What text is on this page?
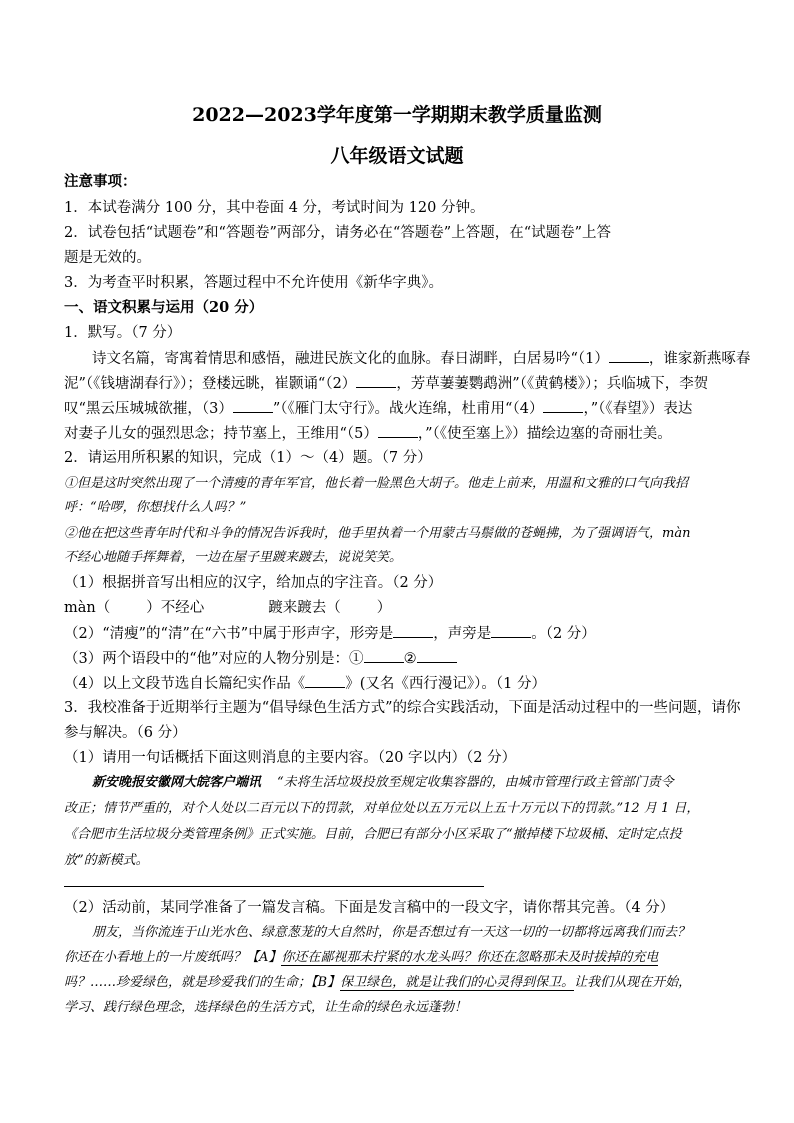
2022—2023学年度第一学期期末教学质量监测
八年级语文试题
注意事项：
1．本试卷满分 100 分，其中卷面 4 分，考试时间为 120 分钟。
2．试卷包括“试题卷”和“答题卷”两部分，请务必在“答题卷”上答题，在“试题卷”上答
题是无效的。
3．为考查平时积累，答题过程中不允许使用《新华字典》。
一、语文积累与运用（20 分）
1．默写。（7 分）
诗文名篇，寄寓着情思和感悟，融进民族文化的血脉。春日湖畔，白居易吟“（1）	，谁家新燕啄春
泥”（《钱塘湖春行》）；登楼远眺，崔颢诵“（2）	，芳草萋萋鹦鹉洲”（《黄鹤楼》）；兵临城下，李贺
叹“黑云压城城欲摧，（3）	”（《雁门太守行》。战火连绵，杜甫用“（4）	，”（《春望》）表达
对妻子儿女的强烈思念；持节塞上，王维用“（5）	，”（《使至塞上》）描绘边塞的奇丽壮美。
2．请运用所积累的知识，完成（1）～（4）题。（7 分）
①但是这时突然出现了一个清瘦的青年军官，他长着一脸黑色大胡子。他走上前来，用温和文雅的口气向我招
呼：“哈啰，你想找什么人吗？”
②他在把这些青年时代和斗争的情况告诉我时，他手里执着一个用蒙古马鬃做的苍蝇拂，为了强调语气，màn
不经心地随手挥舞着，一边在屋子里踱来踱去，说说笑笑。
（1）根据拼音写出相应的汉字，给加点的字注音。（2 分）
màn（ ）不经心	踱来踱去（ ）
（2）“清瘦”的“清”在“六书”中属于形声字，形旁是	，声旁是	。（2 分）
（3）两个语段中的“他”对应的人物分别是：①	②
（4）以上文段节选自长篇纪实作品《	》(又名《西行漫记》）。（1 分）
3．我校准备于近期举行主题为“倡导绿色生活方式”的综合实践活动，下面是活动过程中的一些问题，请你
参与解决。（6 分）
（1）请用一句话概括下面这则消息的主要内容。（20 字以内）（2 分）
新安晚报安徽网大皖客户端讯 “未将生活垃圾投放至规定收集容器的，由城市管理行政主管部门责令
改正；情节严重的，对个人处以二百元以下的罚款，对单位处以五万元以上五十万元以下的罚款。”12 月 1 日，
《合肥市生活垃圾分类管理条例》正式实施。目前，合肥已有部分小区采取了“撤掉楼下垃圾桶、定时定点投
放”的新模式。
（2）活动前，某同学准备了一篇发言稿。下面是发言稿中的一段文字，请你帮其完善。（4 分）
朋友，当你流连于山光水色、绿意葱茏的大自然时，你是否想过有一天这一切的一切都将远离我们而去？
你还在小看地上的一片废纸吗？【A】你还在鄙视那未拧紧的水龙头吗？你还在忽略那未及时拔掉的充电
吗？……珍爱绿色，就是珍爱我们的生命；【B】保卫绿色，就是让我们的心灵得到保卫。让我们从现在开始，
学习、践行绿色理念，选择绿色的生活方式，让生命的绿色永远蓬勃！
